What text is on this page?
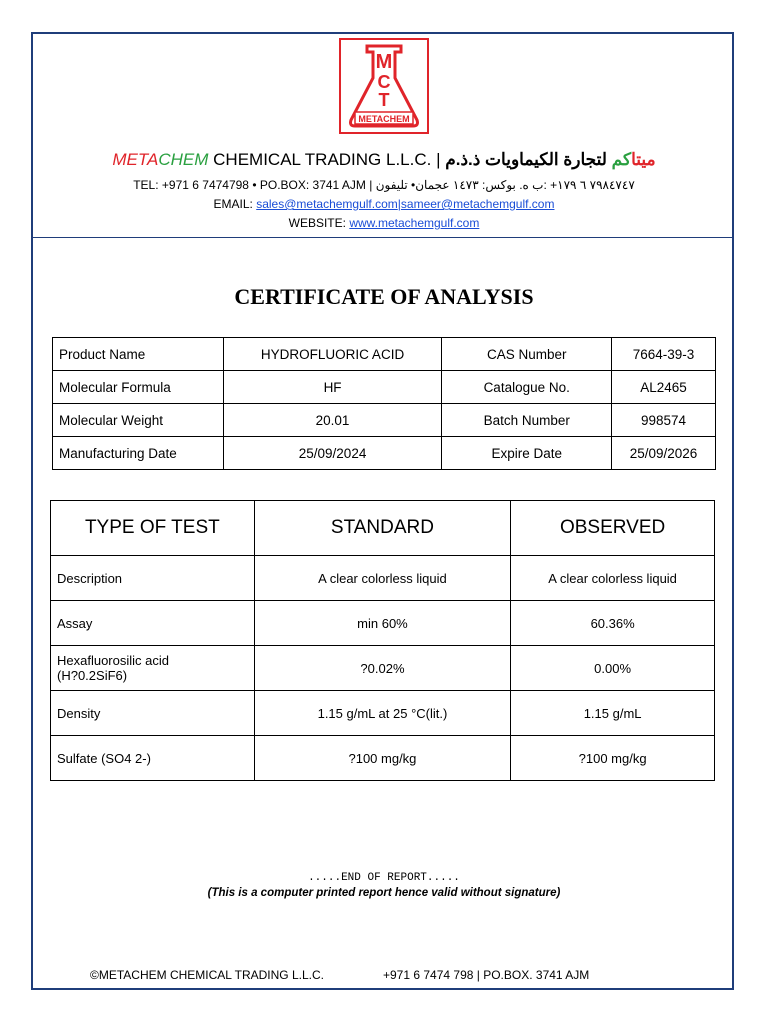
M
C
T
METACHEM
METACHEM CHEMICAL TRADING L.L.C. |	ميتاكم لتجارة الكيماويات ذ.ذ.م
TEL: +971 6 7474798 • PO.BOX: 3741 AJM | ٧٩٨٤٧٤٧ ٦ ١٧٩+ :ب ه. بوكس: ١٤٧٣ عجمان• تليفون
EMAIL: sales@metachemgulf.com|sameer@metachemgulf.com
WEBSITE: www.metachemgulf.com
CERTIFICATE OF ANALYSIS
Product Name	HYDROFLUORIC ACID	CAS Number	7664-39-3
Molecular Formula	HF	Catalogue No.	AL2465
Molecular Weight	20.01	Batch Number	998574
Manufacturing Date	25/09/2024	Expire Date	25/09/2026
TYPE OF TEST	STANDARD	OBSERVED

Description	A clear colorless liquid	A clear colorless liquid

Assay	min 60%	60.36%

Hexafluorosilic acid
(H?0.2SiF6)	?0.02%	0.00%

Density	1.15 g/mL at 25 °C(lit.)	1.15 g/mL

Sulfate (SO4 2-)	?100 mg/kg	?100 mg/kg
.....END OF REPORT.....
(This is a computer printed report hence valid without signature)
©METACHEM CHEMICAL TRADING L.L.C.	+971 6 7474 798 | PO.BOX. 3741 AJM
